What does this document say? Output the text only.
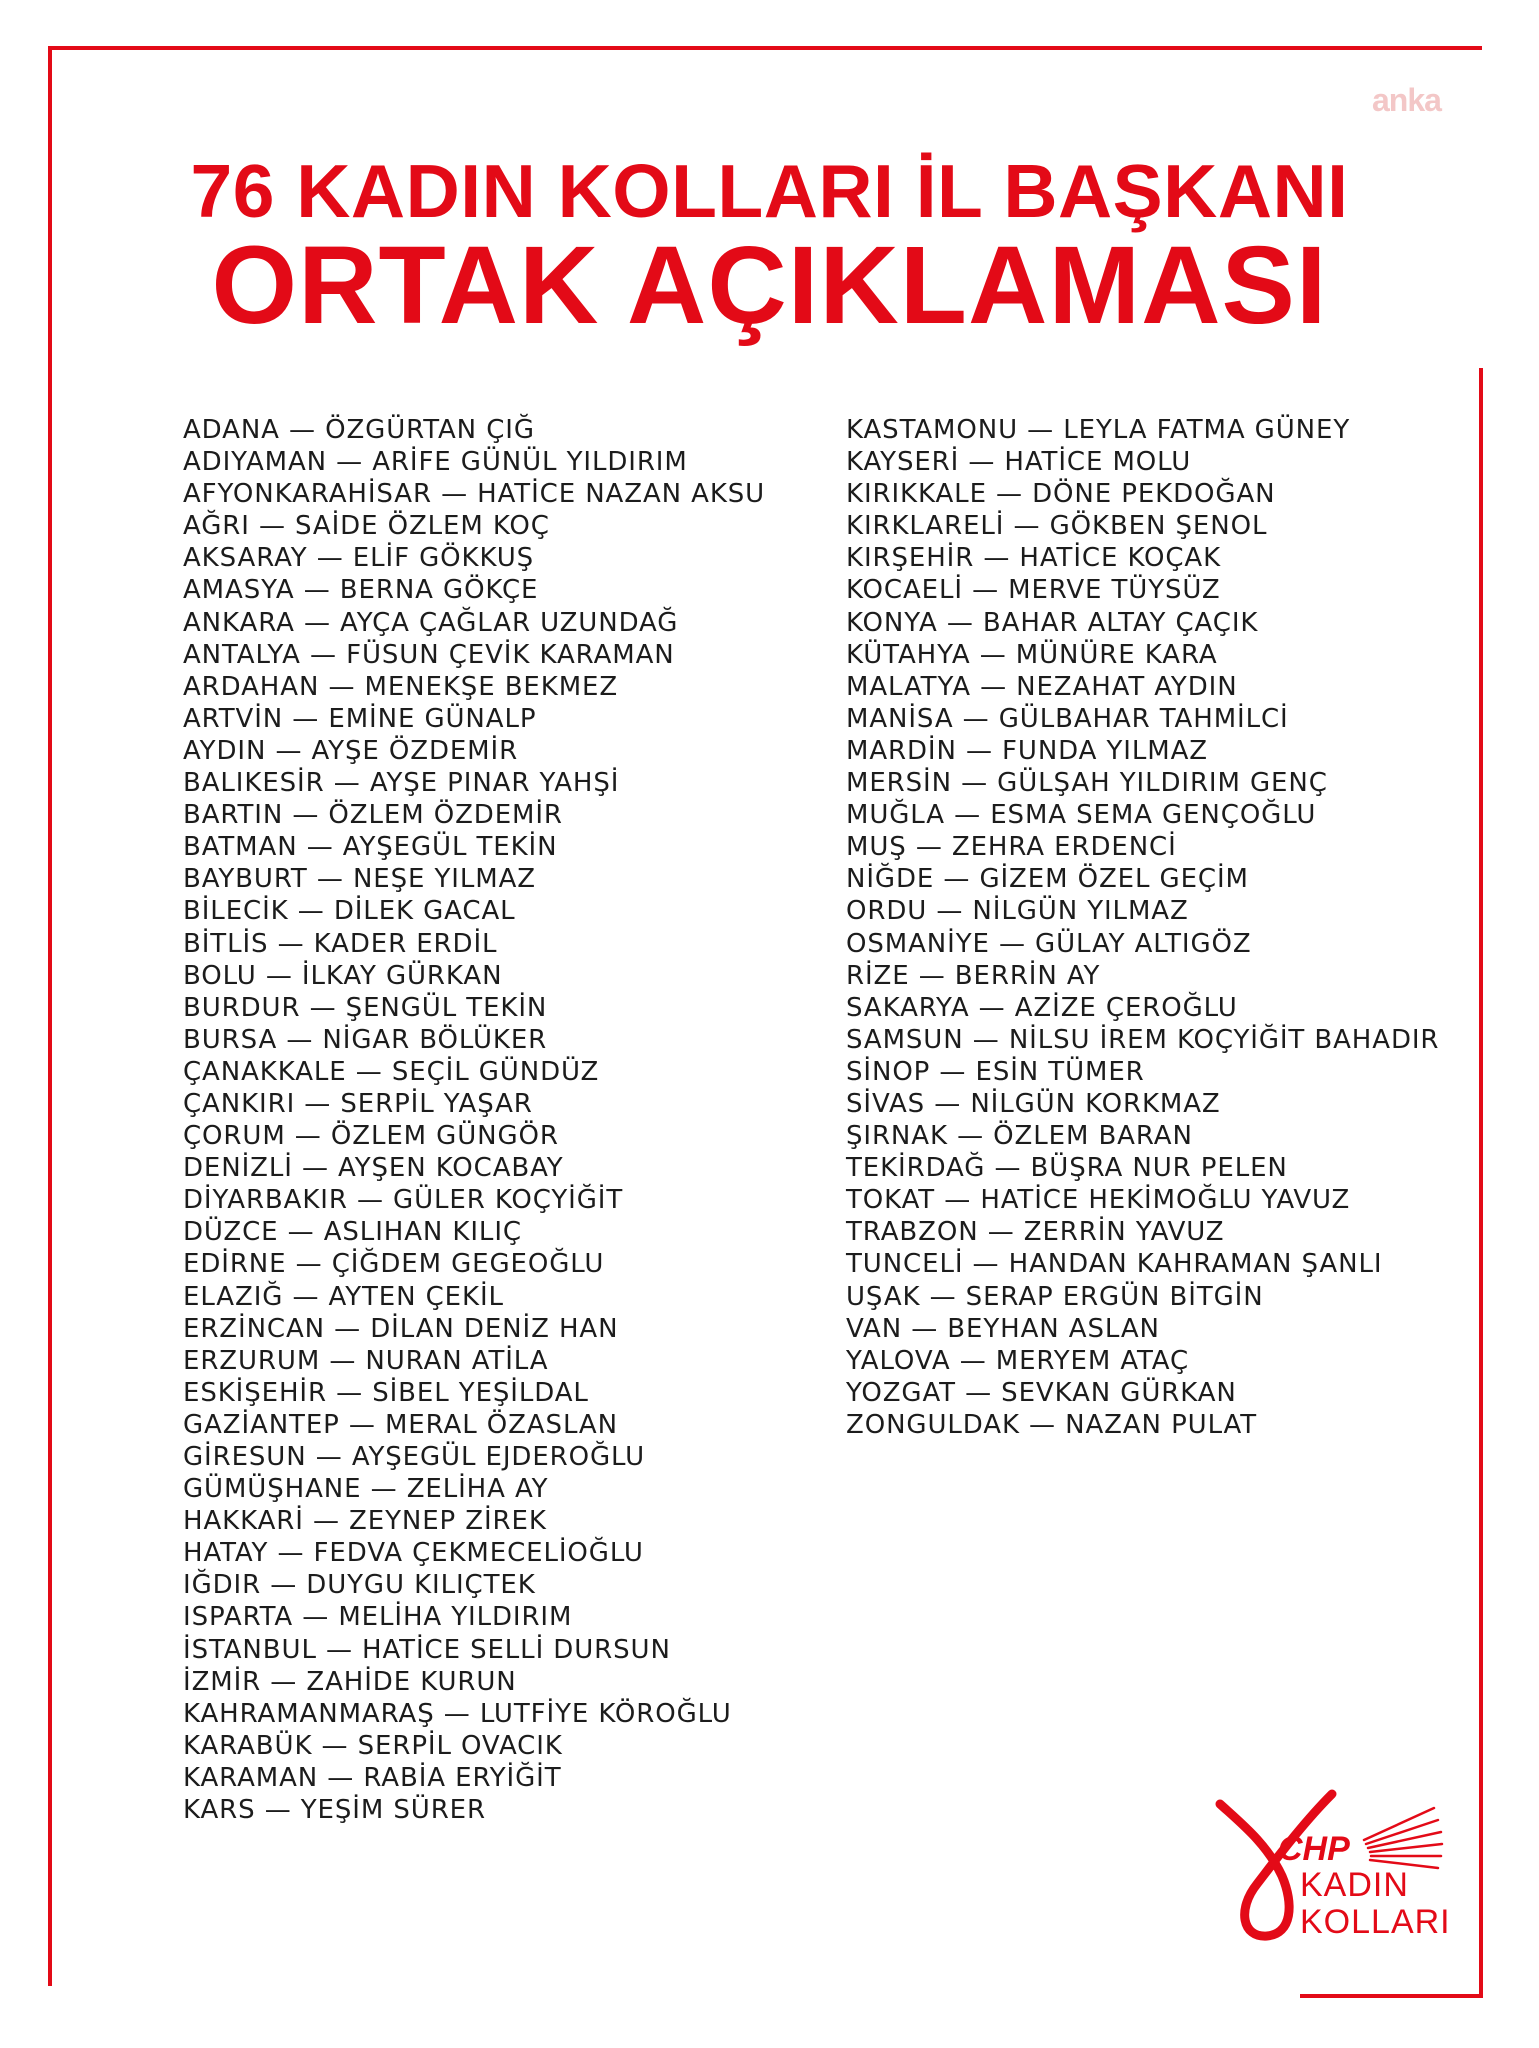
anka
76 KADIN KOLLARI İL BAŞKANI
ORTAK AÇIKLAMASI
ADANA — ÖZGÜRTAN ÇIĞ
ADIYAMAN — ARİFE GÜNÜL YILDIRIM
AFYONKARAHİSAR — HATİCE NAZAN AKSU
AĞRI — SAİDE ÖZLEM KOÇ
AKSARAY — ELİF GÖKKUŞ
AMASYA — BERNA GÖKÇE
ANKARA — AYÇA ÇAĞLAR UZUNDAĞ
ANTALYA — FÜSUN ÇEVİK KARAMAN
ARDAHAN — MENEKŞE BEKMEZ
ARTVİN — EMİNE GÜNALP
AYDIN — AYŞE ÖZDEMİR
BALIKESİR — AYŞE PINAR YAHŞİ
BARTIN — ÖZLEM ÖZDEMİR
BATMAN — AYŞEGÜL TEKİN
BAYBURT — NEŞE YILMAZ
BİLECİK — DİLEK GACAL
BİTLİS — KADER ERDİL
BOLU — İLKAY GÜRKAN
BURDUR — ŞENGÜL TEKİN
BURSA — NİGAR BÖLÜKER
ÇANAKKALE — SEÇİL GÜNDÜZ
ÇANKIRI — SERPİL YAŞAR
ÇORUM — ÖZLEM GÜNGÖR
DENİZLİ — AYŞEN KOCABAY
DİYARBAKIR — GÜLER KOÇYİĞİT
DÜZCE — ASLIHAN KILIÇ
EDİRNE — ÇİĞDEM GEGEOĞLU
ELAZIĞ — AYTEN ÇEKİL
ERZİNCAN — DİLAN DENİZ HAN
ERZURUM — NURAN ATİLA
ESKİŞEHİR — SİBEL YEŞİLDAL
GAZİANTEP — MERAL ÖZASLAN
GİRESUN — AYŞEGÜL EJDEROĞLU
GÜMÜŞHANE — ZELİHA AY
HAKKARİ — ZEYNEP ZİREK
HATAY — FEDVA ÇEKMECELİOĞLU
IĞDIR — DUYGU KILIÇTEK
ISPARTA — MELİHA YILDIRIM
İSTANBUL — HATİCE SELLİ DURSUN
İZMİR — ZAHİDE KURUN
KAHRAMANMARAŞ — LUTFİYE KÖROĞLU
KARABÜK — SERPİL OVACIK
KARAMAN — RABİA ERYİĞİT
KARS — YEŞİM SÜRER
KASTAMONU — LEYLA FATMA GÜNEY
KAYSERİ — HATİCE MOLU
KIRIKKALE — DÖNE PEKDOĞAN
KIRKLARELİ — GÖKBEN ŞENOL
KIRŞEHİR — HATİCE KOÇAK
KOCAELİ — MERVE TÜYSÜZ
KONYA — BAHAR ALTAY ÇAÇIK
KÜTAHYA — MÜNÜRE KARA
MALATYA — NEZAHAT AYDIN
MANİSA — GÜLBAHAR TAHMİLCİ
MARDİN — FUNDA YILMAZ
MERSİN — GÜLŞAH YILDIRIM GENÇ
MUĞLA — ESMA SEMA GENÇOĞLU
MUŞ — ZEHRA ERDENCİ
NİĞDE — GİZEM ÖZEL GEÇİM
ORDU — NİLGÜN YILMAZ
OSMANİYE — GÜLAY ALTIGÖZ
RİZE — BERRİN AY
SAKARYA — AZİZE ÇEROĞLU
SAMSUN — NİLSU İREM KOÇYİĞİT BAHADIR
SİNOP — ESİN TÜMER
SİVAS — NİLGÜN KORKMAZ
ŞIRNAK — ÖZLEM BARAN
TEKİRDAĞ — BÜŞRA NUR PELEN
TOKAT — HATİCE HEKİMOĞLU YAVUZ
TRABZON — ZERRİN YAVUZ
TUNCELİ — HANDAN KAHRAMAN ŞANLI
UŞAK — SERAP ERGÜN BİTGİN
VAN — BEYHAN ASLAN
YALOVA — MERYEM ATAÇ
YOZGAT — SEVKAN GÜRKAN
ZONGULDAK — NAZAN PULAT
CHP
KADIN
KOLLARI
